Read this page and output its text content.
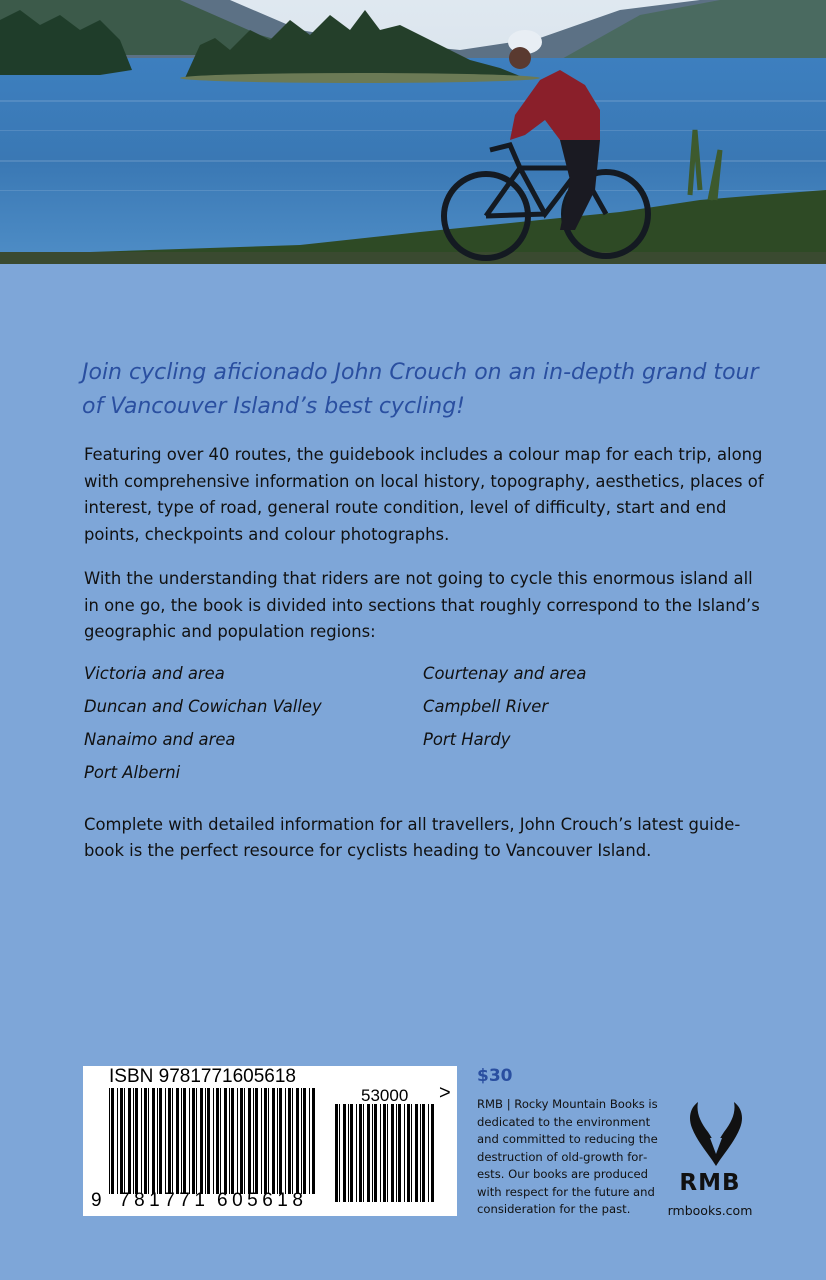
Join cycling aficionado John Crouch on an in-depth grand tour of Vancouver Island’s best cycling!

Featuring over 40 routes, the guidebook includes a colour map for each trip, along with comprehensive information on local history, topography, aesthetics, places of interest, type of road, general route condition, level of difficulty, start and end points, checkpoints and colour photographs.

With the understanding that riders are not going to cycle this enormous island all in one go, the book is divided into sections that roughly correspond to the Island’s geographic and population regions:

Victoria and area
Duncan and Cowichan Valley
Nanaimo and area
Port Alberni
Courtenay and area
Campbell River
Port Hardy

Complete with detailed information for all travellers, John Crouch’s latest guidebook is the perfect resource for cyclists heading to Vancouver Island.

ISBN 9781771605618
9 781771 605618
53000 >
$30
RMB | Rocky Mountain Books is dedicated to the environment and committed to reducing the destruction of old-growth forests. Our books are produced with respect for the future and consideration for the past.
RMB
rmbooks.com
